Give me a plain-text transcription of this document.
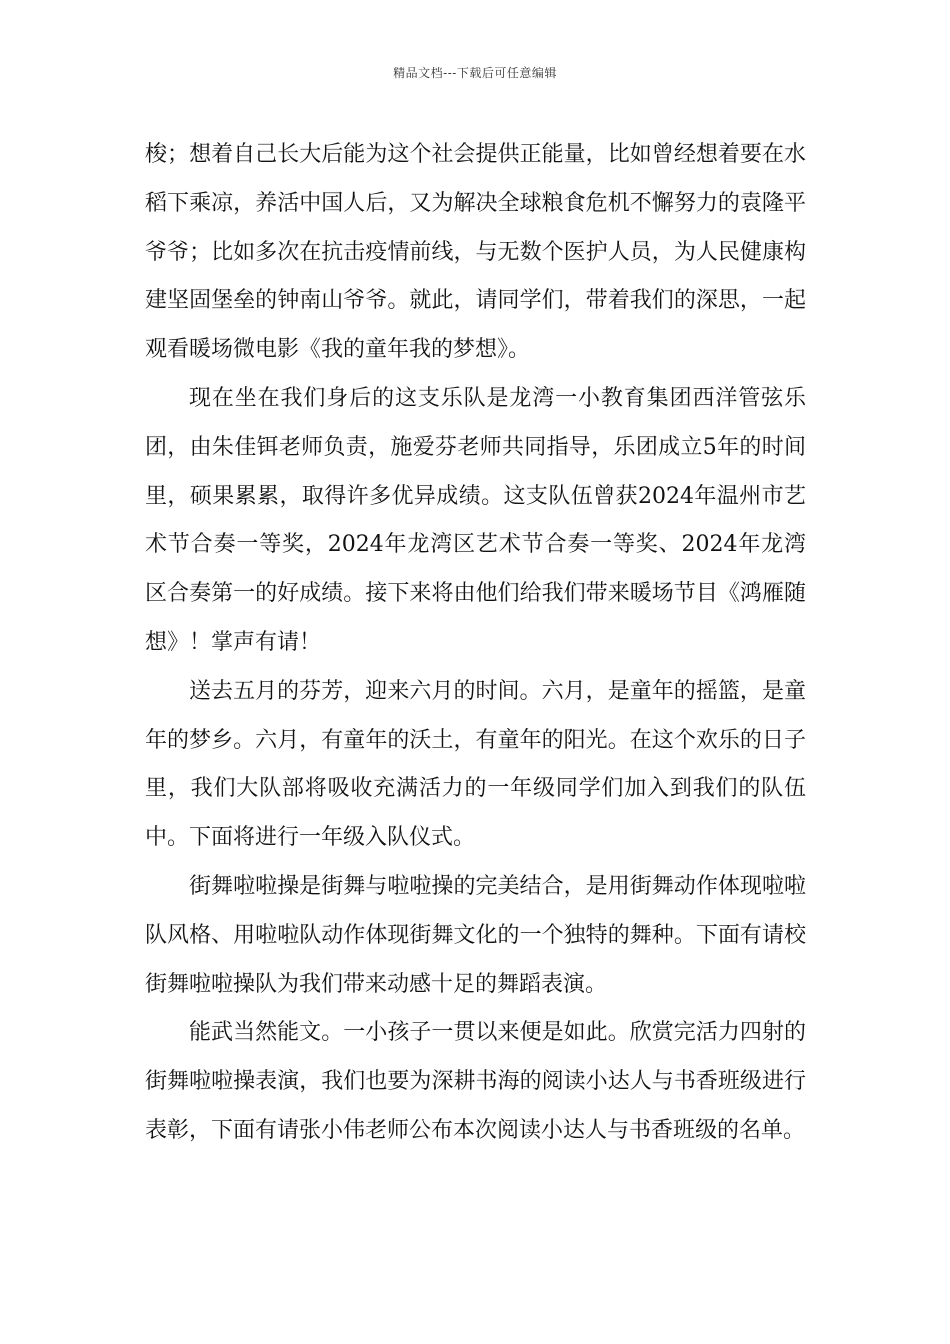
精品文档---下载后可任意编辑

梭；想着自己长大后能为这个社会提供正能量，比如曾经想着要在水稻下乘凉，养活中国人后，又为解决全球粮食危机不懈努力的袁隆平爷爷；比如多次在抗击疫情前线，与无数个医护人员，为人民健康构建坚固堡垒的钟南山爷爷。就此，请同学们，带着我们的深思，一起观看暖场微电影《我的童年我的梦想》。

现在坐在我们身后的这支乐队是龙湾一小教育集团西洋管弦乐团，由朱佳铒老师负责，施爱芬老师共同指导，乐团成立5年的时间里，硕果累累，取得许多优异成绩。这支队伍曾获2024年温州市艺术节合奏一等奖，2024年龙湾区艺术节合奏一等奖、2024年龙湾区合奏第一的好成绩。接下来将由他们给我们带来暖场节目《鸿雁随想》！掌声有请！

送去五月的芬芳，迎来六月的时间。六月，是童年的摇篮，是童年的梦乡。六月，有童年的沃土，有童年的阳光。在这个欢乐的日子里，我们大队部将吸收充满活力的一年级同学们加入到我们的队伍中。下面将进行一年级入队仪式。

街舞啦啦操是街舞与啦啦操的完美结合，是用街舞动作体现啦啦队风格、用啦啦队动作体现街舞文化的一个独特的舞种。下面有请校街舞啦啦操队为我们带来动感十足的舞蹈表演。

能武当然能文。一小孩子一贯以来便是如此。欣赏完活力四射的街舞啦啦操表演，我们也要为深耕书海的阅读小达人与书香班级进行表彰，下面有请张小伟老师公布本次阅读小达人与书香班级的名单。
